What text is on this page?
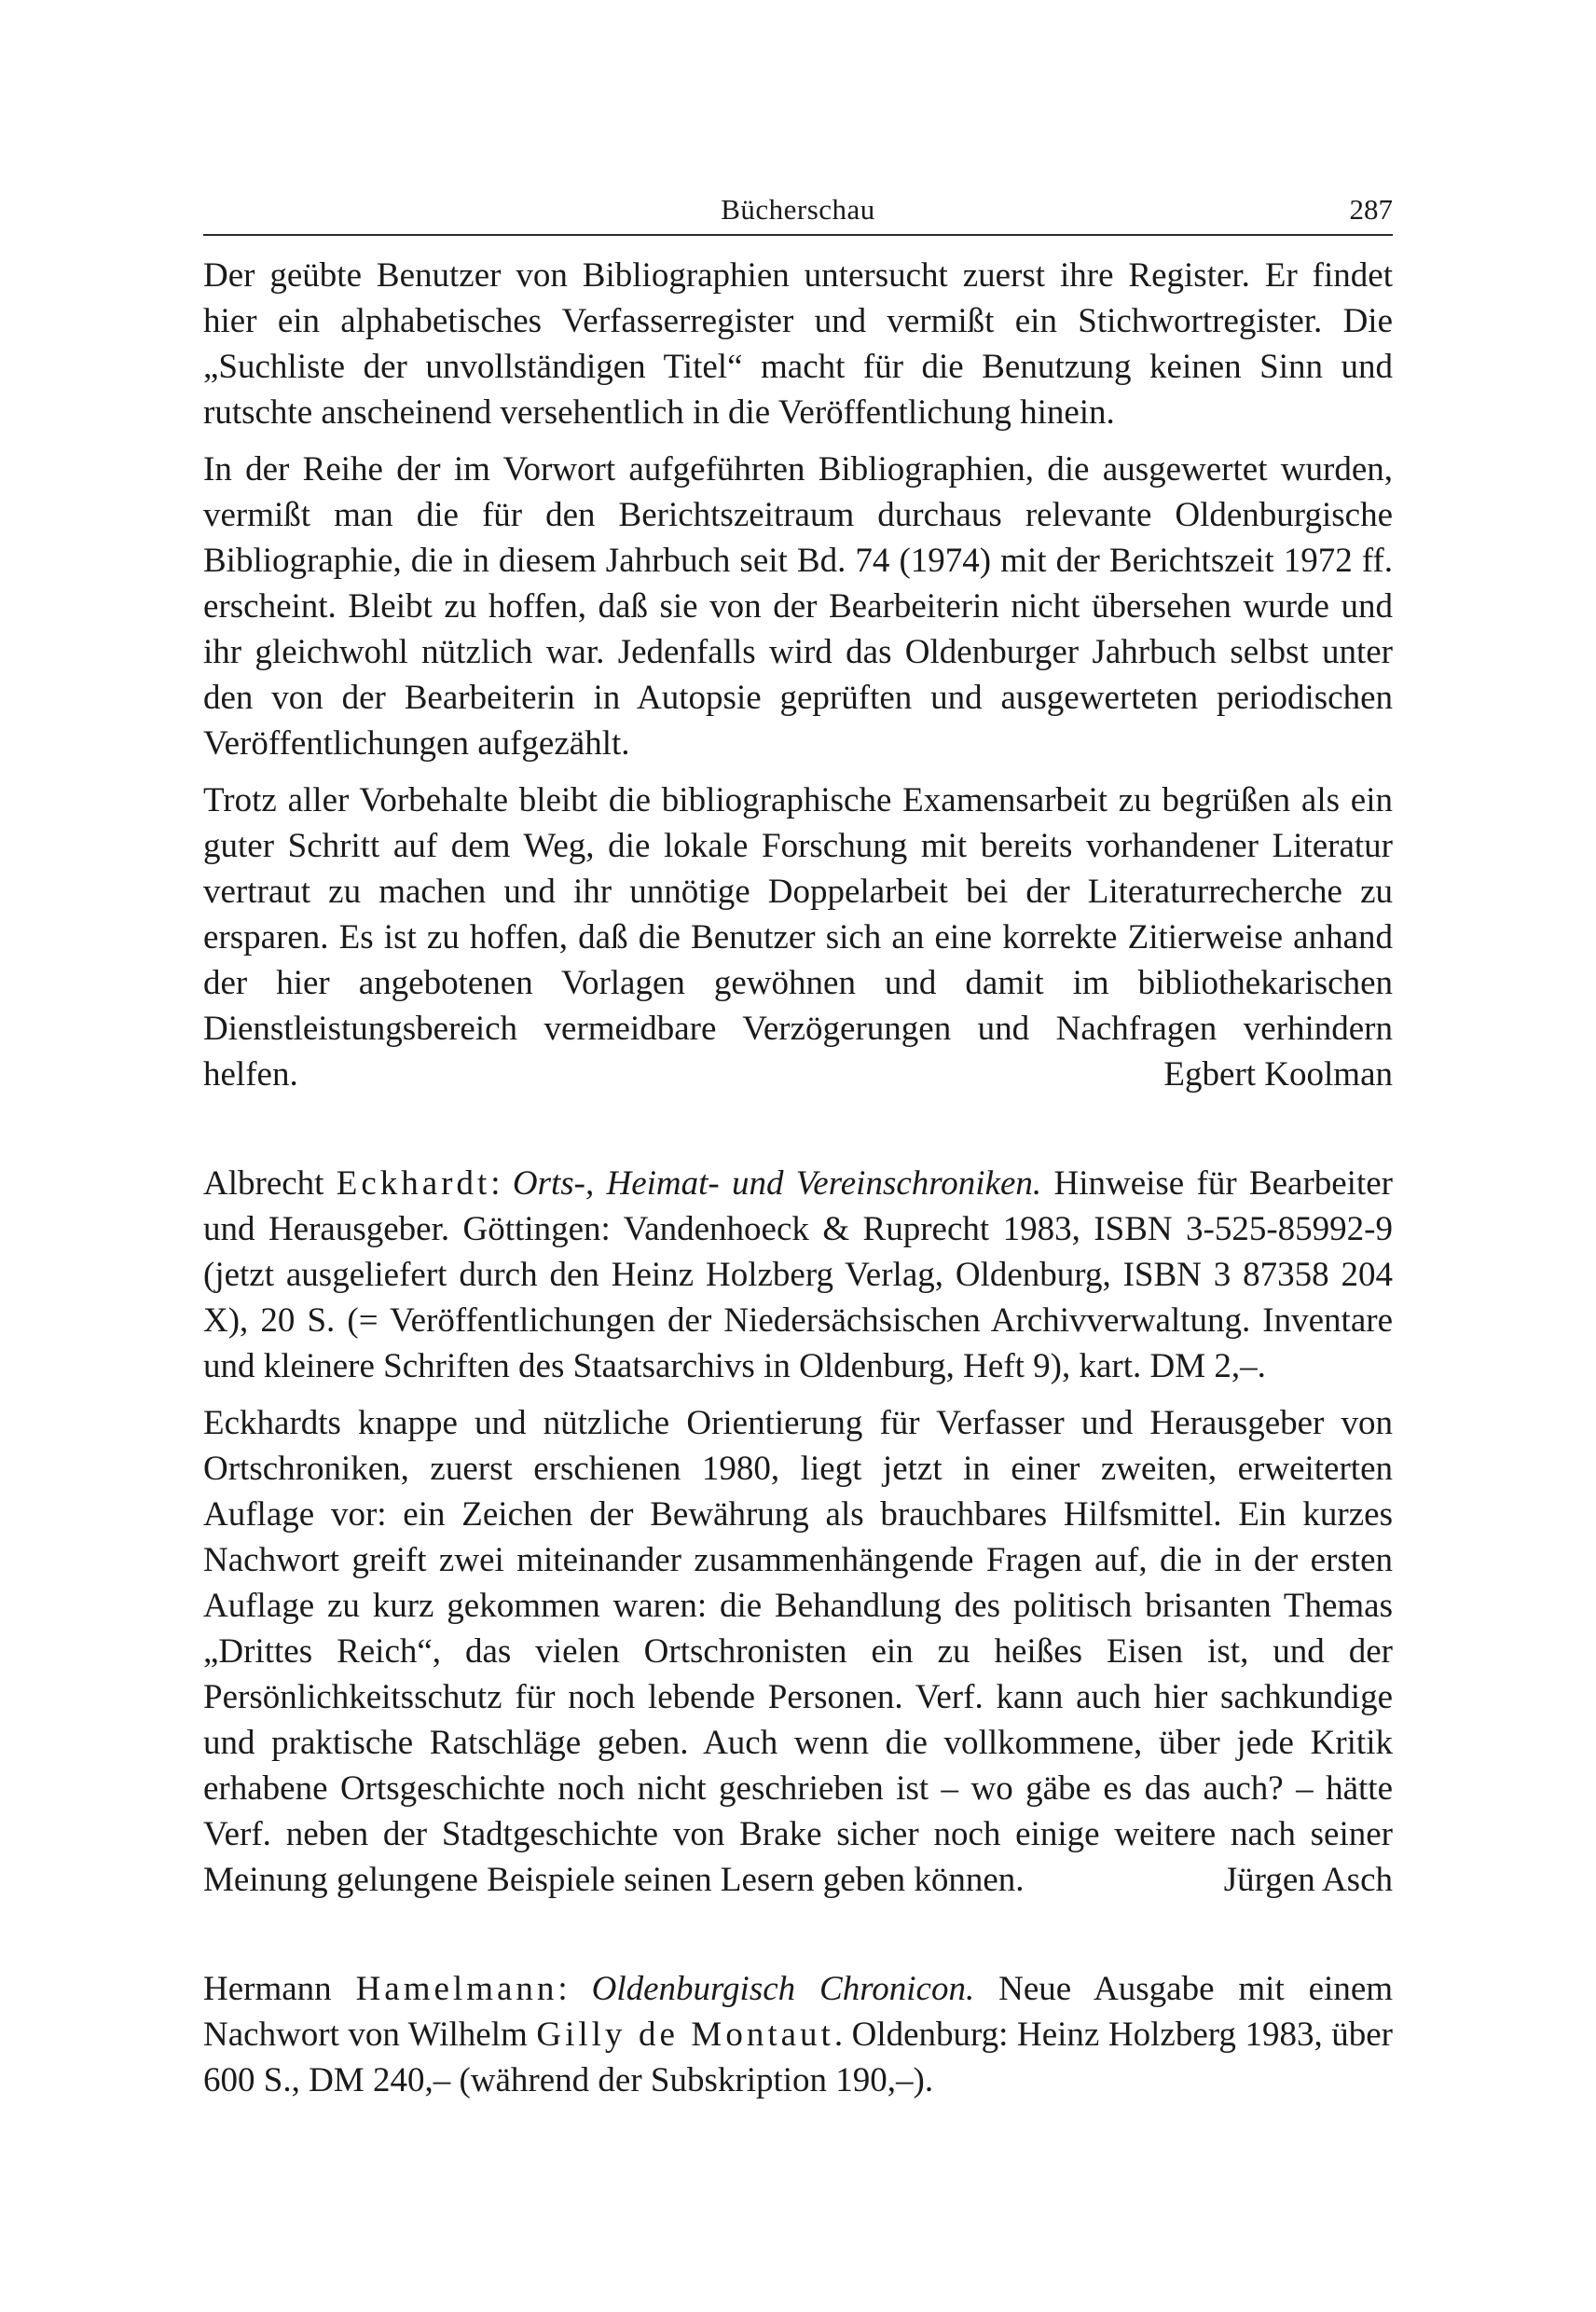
Bücherschau	287

Der geübte Benutzer von Bibliographien untersucht zuerst ihre Register. Er findet hier ein alphabetisches Verfasserregister und vermißt ein Stichwortregister. Die „Suchliste der unvollständigen Titel“ macht für die Benutzung keinen Sinn und rutschte anscheinend versehentlich in die Veröffentlichung hinein.

In der Reihe der im Vorwort aufgeführten Bibliographien, die ausgewertet wurden, vermißt man die für den Berichtszeitraum durchaus relevante Oldenburgische Bibliographie, die in diesem Jahrbuch seit Bd. 74 (1974) mit der Berichtszeit 1972 ff. erscheint. Bleibt zu hoffen, daß sie von der Bearbeiterin nicht übersehen wurde und ihr gleichwohl nützlich war. Jedenfalls wird das Oldenburger Jahrbuch selbst unter den von der Bearbeiterin in Autopsie geprüften und ausgewerteten periodischen Veröffentlichungen aufgezählt.

Trotz aller Vorbehalte bleibt die bibliographische Examensarbeit zu begrüßen als ein guter Schritt auf dem Weg, die lokale Forschung mit bereits vorhandener Literatur vertraut zu machen und ihr unnötige Doppelarbeit bei der Literaturrecherche zu ersparen. Es ist zu hoffen, daß die Benutzer sich an eine korrekte Zitierweise anhand der hier angebotenen Vorlagen gewöhnen und damit im bibliothekarischen Dienstleistungsbereich vermeidbare Verzögerungen und Nachfragen verhindern helfen.	Egbert Koolman

Albrecht Eckhardt: Orts-, Heimat- und Vereinschroniken. Hinweise für Bearbeiter und Herausgeber. Göttingen: Vandenhoeck & Ruprecht 1983, ISBN 3-525-85992-9 (jetzt ausgeliefert durch den Heinz Holzberg Verlag, Oldenburg, ISBN 3 87358 204 X), 20 S. (= Veröffentlichungen der Niedersächsischen Archivverwaltung. Inventare und kleinere Schriften des Staatsarchivs in Oldenburg, Heft 9), kart. DM 2,–.

Eckhardts knappe und nützliche Orientierung für Verfasser und Herausgeber von Ortschroniken, zuerst erschienen 1980, liegt jetzt in einer zweiten, erweiterten Auflage vor: ein Zeichen der Bewährung als brauchbares Hilfsmittel. Ein kurzes Nachwort greift zwei miteinander zusammenhängende Fragen auf, die in der ersten Auflage zu kurz gekommen waren: die Behandlung des politisch brisanten Themas „Drittes Reich“, das vielen Ortschronisten ein zu heißes Eisen ist, und der Persönlichkeitsschutz für noch lebende Personen. Verf. kann auch hier sachkundige und praktische Ratschläge geben. Auch wenn die vollkommene, über jede Kritik erhabene Ortsgeschichte noch nicht geschrieben ist – wo gäbe es das auch? – hätte Verf. neben der Stadtgeschichte von Brake sicher noch einige weitere nach seiner Meinung gelungene Beispiele seinen Lesern geben können.	Jürgen Asch

Hermann Hamelmann: Oldenburgisch Chronicon. Neue Ausgabe mit einem Nachwort von Wilhelm Gilly de Montaut. Oldenburg: Heinz Holzberg 1983, über 600 S., DM 240,– (während der Subskription 190,–).
